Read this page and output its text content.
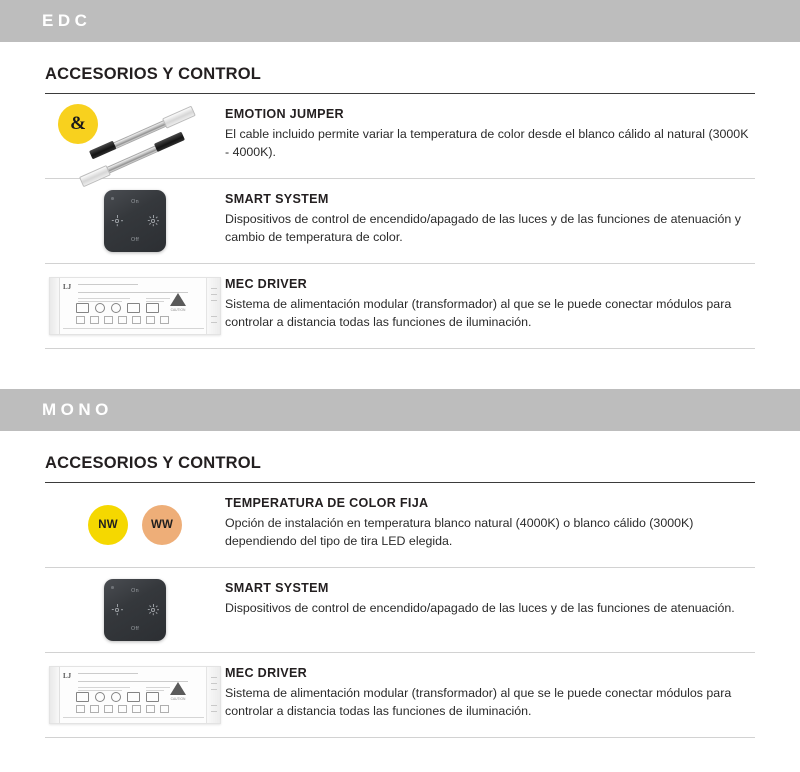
EDC
ACCESORIOS Y CONTROL
&	EMOTION JUMPER
El cable incluido permite variar la temperatura de color desde el blanco cálido al natural (3000K - 4000K).
On
Off
SMART SYSTEM
Dispositivos de control de encendido/apagado de las luces y de las funciones de atenuación y cambio de temperatura de color.
LJ
CAUTION
MEC DRIVER
Sistema de alimentación modular (transformador) al que se le puede conectar módulos para controlar a distancia todas las funciones de iluminación.
MONO
ACCESORIOS Y CONTROL
NW	WW
TEMPERATURA DE COLOR FIJA
Opción de instalación en temperatura blanco natural (4000K) o blanco cálido (3000K) dependiendo del tipo de tira LED elegida.
On
Off
SMART SYSTEM
Dispositivos de control de encendido/apagado de las luces y de las funciones de atenuación.
LJ
CAUTION
MEC DRIVER
Sistema de alimentación modular (transformador) al que se le puede conectar módulos para controlar a distancia todas las funciones de iluminación.
